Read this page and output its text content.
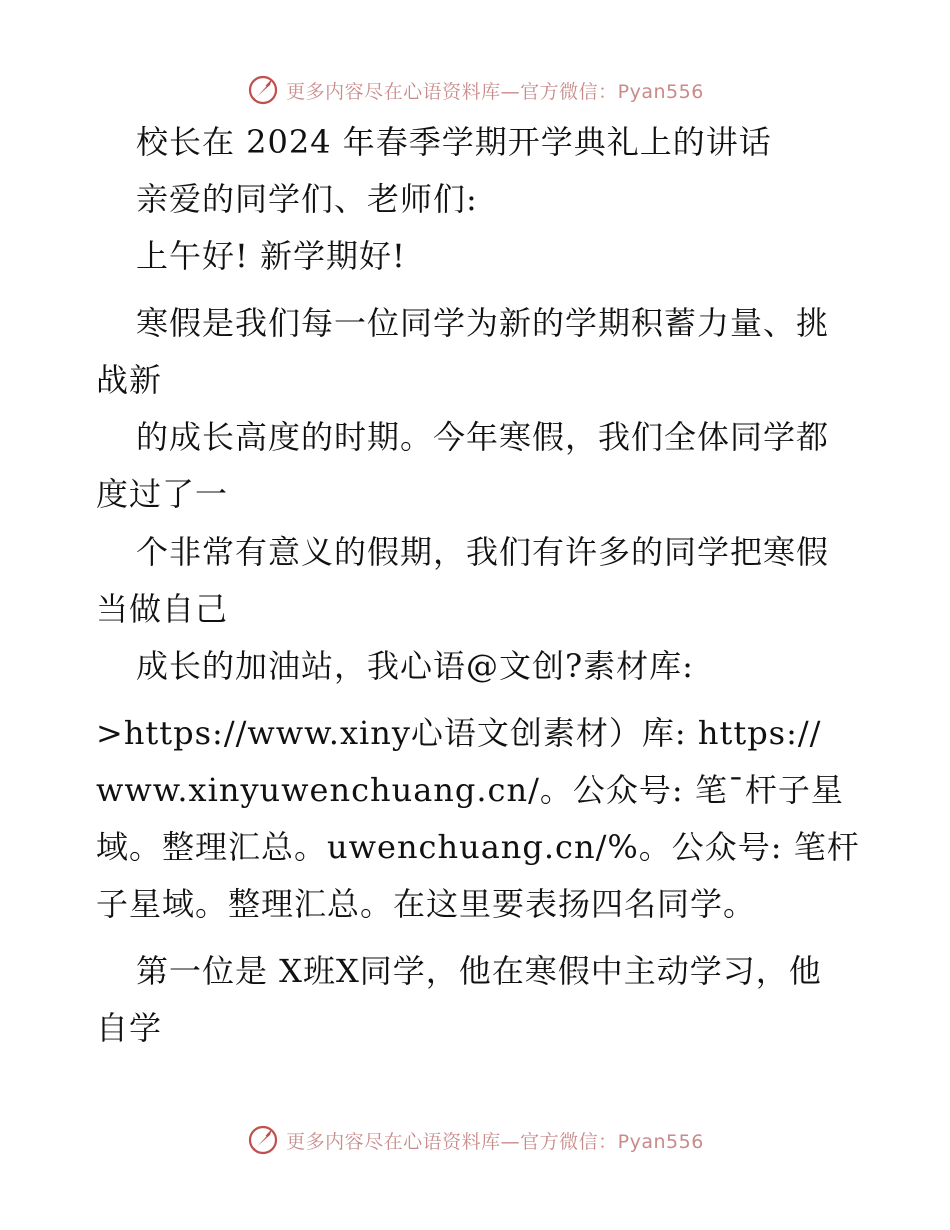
更多内容尽在心语资料库—官方微信：Pyan556
校长在 2024 年春季学期开学典礼上的讲话
亲爱的同学们、老师们:
上午好! 新学期好!
寒假是我们每一位同学为新的学期积蓄力量、挑
战新
的成长高度的时期。今年寒假，我们全体同学都
度过了一
个非常有意义的假期，我们有许多的同学把寒假
当做自己
成长的加油站，我心语@文创?素材库:
>https://www.xiny心语文创素材）库: https://
www.xinyuwenchuang.cn/。公众号: 笔¯杆子星
域。整理汇总。uwenchuang.cn/%。公众号: 笔杆
子星域。整理汇总。在这里要表扬四名同学。
第一位是 X班X同学，他在寒假中主动学习，他
自学
更多内容尽在心语资料库—官方微信：Pyan556
